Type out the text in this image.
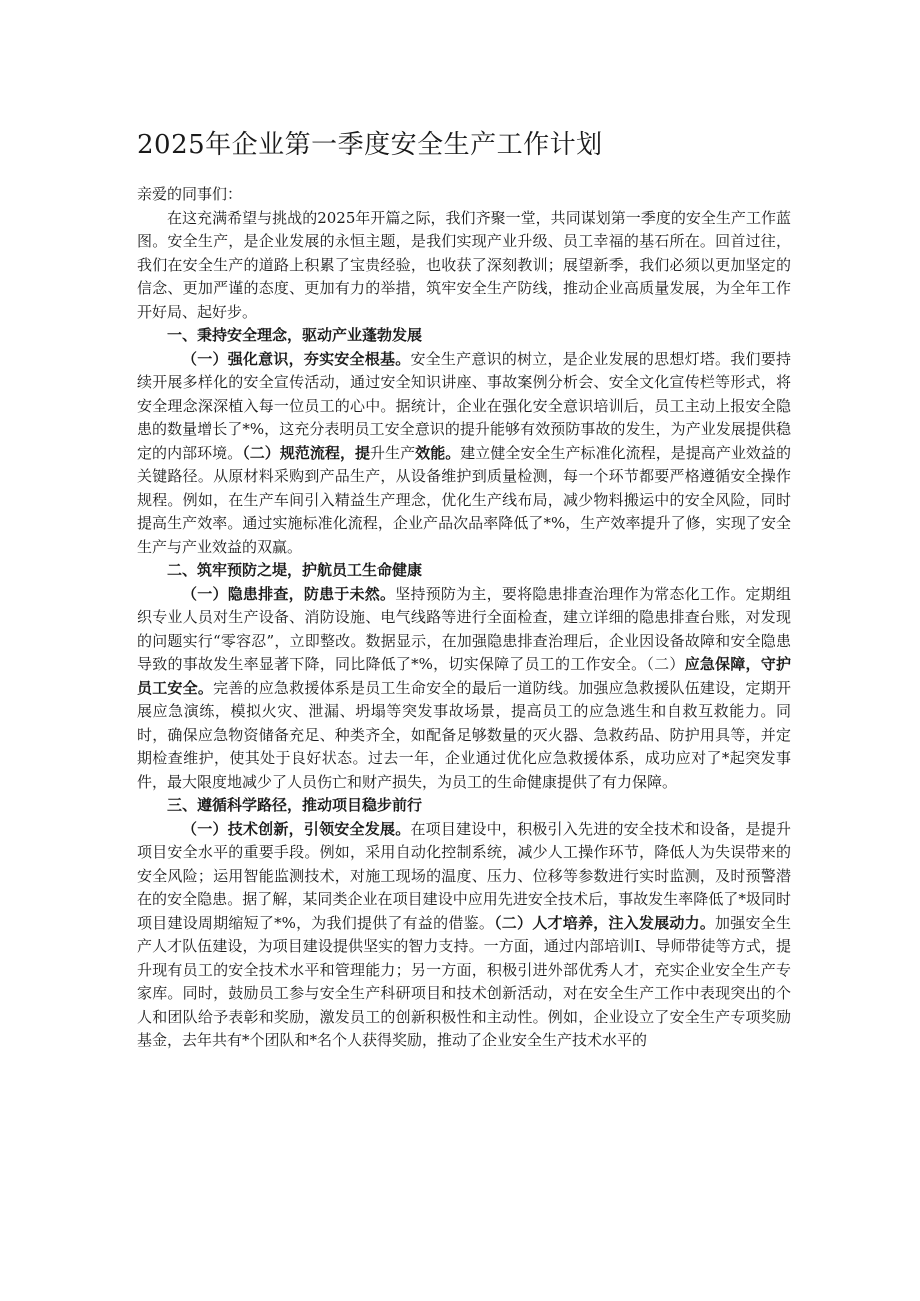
2025年企业第一季度安全生产工作计划

亲爱的同事们：

在这充满希望与挑战的2025年开篇之际，我们齐聚一堂，共同谋划第一季度的安全生产工作蓝图。安全生产，是企业发展的永恒主题，是我们实现产业升级、员工幸福的基石所在。回首过往，我们在安全生产的道路上积累了宝贵经验，也收获了深刻教训；展望新季，我们必须以更加坚定的信念、更加严谨的态度、更加有力的举措，筑牢安全生产防线，推动企业高质量发展，为全年工作开好局、起好步。

一、秉持安全理念，驱动产业蓬勃发展

（一）强化意识，夯实安全根基。安全生产意识的树立，是企业发展的思想灯塔。我们要持续开展多样化的安全宣传活动，通过安全知识讲座、事故案例分析会、安全文化宣传栏等形式，将安全理念深深植入每一位员工的心中。据统计，企业在强化安全意识培训后，员工主动上报安全隐患的数量增长了*%，这充分表明员工安全意识的提升能够有效预防事故的发生，为产业发展提供稳定的内部环境。（二）规范流程，提升生产效能。建立健全安全生产标准化流程，是提高产业效益的关键路径。从原材料采购到产品生产，从设备维护到质量检测，每一个环节都要严格遵循安全操作规程。例如，在生产车间引入精益生产理念，优化生产线布局，减少物料搬运中的安全风险，同时提高生产效率。通过实施标准化流程，企业产品次品率降低了*%，生产效率提升了修，实现了安全生产与产业效益的双赢。

二、筑牢预防之堤，护航员工生命健康

（一）隐患排查，防患于未然。坚持预防为主，要将隐患排查治理作为常态化工作。定期组织专业人员对生产设备、消防设施、电气线路等进行全面检查，建立详细的隐患排查台账，对发现的问题实行“零容忍”，立即整改。数据显示，在加强隐患排查治理后，企业因设备故障和安全隐患导致的事故发生率显著下降，同比降低了*%，切实保障了员工的工作安全。（二）应急保障，守护员工安全。完善的应急救援体系是员工生命安全的最后一道防线。加强应急救援队伍建设，定期开展应急演练，模拟火灾、泄漏、坍塌等突发事故场景，提高员工的应急逃生和自救互救能力。同时，确保应急物资储备充足、种类齐全，如配备足够数量的灭火器、急救药品、防护用具等，并定期检查维护，使其处于良好状态。过去一年，企业通过优化应急救援体系，成功应对了*起突发事件，最大限度地减少了人员伤亡和财产损失，为员工的生命健康提供了有力保障。

三、遵循科学路径，推动项目稳步前行

（一）技术创新，引领安全发展。在项目建设中，积极引入先进的安全技术和设备，是提升项目安全水平的重要手段。例如，采用自动化控制系统，减少人工操作环节，降低人为失误带来的安全风险；运用智能监测技术，对施工现场的温度、压力、位移等参数进行实时监测，及时预警潜在的安全隐患。据了解，某同类企业在项目建设中应用先进安全技术后，事故发生率降低了*圾同时项目建设周期缩短了*%，为我们提供了有益的借鉴。（二）人才培养，注入发展动力。加强安全生产人才队伍建设，为项目建设提供坚实的智力支持。一方面，通过内部培训I、导师带徒等方式，提升现有员工的安全技术水平和管理能力；另一方面，积极引进外部优秀人才，充实企业安全生产专家库。同时，鼓励员工参与安全生产科研项目和技术创新活动，对在安全生产工作中表现突出的个人和团队给予表彰和奖励，激发员工的创新积极性和主动性。例如，企业设立了安全生产专项奖励基金，去年共有*个团队和*名个人获得奖励，推动了企业安全生产技术水平的
